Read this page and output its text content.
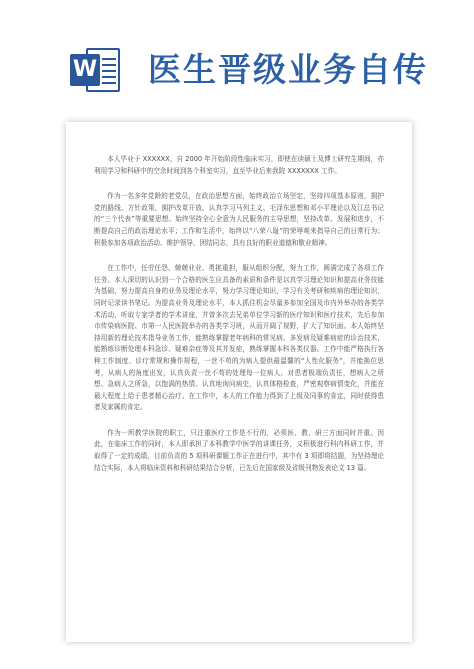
W 医生晋级业务自传

本人毕业于 XXXXXX，自 2000 年开始阶段性临床实习，即使在读硕士及博士研究生期间，亦利用学习和科研中的空余时间到各个科室实习，直至毕业后来我院 XXXXXXX 工作。

作为一名多年党龄的老党员，在政治思想方面，始终政治立场坚定，坚持四项基本原则，拥护党的路线、方针政策，拥护改革开放，认真学习马列主义、毛泽东思想和邓小平理论以及江总书记的“三个代表”等重要思想。始终坚持全心全意为人民服务的主导思想，坚持改革、发展和进步，不断提高自己的政治理论水平；工作和生活中，始终以“八荣八耻”的荣辱观来指导自己的日常行为；积极参加各项政治活动、维护领导、团结同志，具有良好的职业道德和敬业精神。

在工作中，任劳任怨、兢兢业业、勇挑重担，服从组织分配，努力工作，圆满完成了各项工作任务。本人深切的认识到一个合格的医生应具备的素质和条件是以真学习理论知识和提高业务技能为基础，努力提高自身的业务及理论水平，努力学习理论知识，学习有关考研和疾病的理论知识，同时记录读书笔记。为提高业务及理论水平，本人抓住机会尽量多参加全国及市内外举办的各类学术活动，听取专家学者的学术讲座，并曾多次去兄弟单位学习新的医疗知识和医疗技术，先后参加市传染病医院、市第一人民医院举办的各类学习班，从而开阔了视野，扩大了知识面。本人始终坚持用新的理论技术指导业务工作，能熟练掌握老年病科的常见病、多发病及疑难病症的诊治技术，能熟练诊断处理本科急诊、疑难杂症等及其并发症，熟练掌握本科各类仪器。工作中能严格执行各种工作制度、诊疗常规和操作规程，一丝不苟的为病人提供最温馨的“人性化服务”，并能换位思考，从病人的角度出发，认真负责一丝不苟的处理每一位病人，对患者极端负责任，想病人之所想、急病人之所急，以饱满的热情、认真地询问病史，认真体格检查，严密观察病情变化，并能在最大程度上给于患者精心治疗。在工作中，本人的工作能力得到了上级及同事的肯定，同时获得患者及家属的肯定。

作为一所教学医院的职工，只注重医疗工作是不行的，必须医、教、研三方面同时并重。因此，在临床工作的同时，本人即承担了本科教学中医学的讲课任务，又积极进行科内科研工作，并取得了一定的成绩，目前负责的 5 项科研课题工作正在进行中，其中有 3 项即将结题，为坚持理论结合实际，本人将临床资料和科研结果结合分析，已先后在国家级及省级刊物发表论文 13 篇。
